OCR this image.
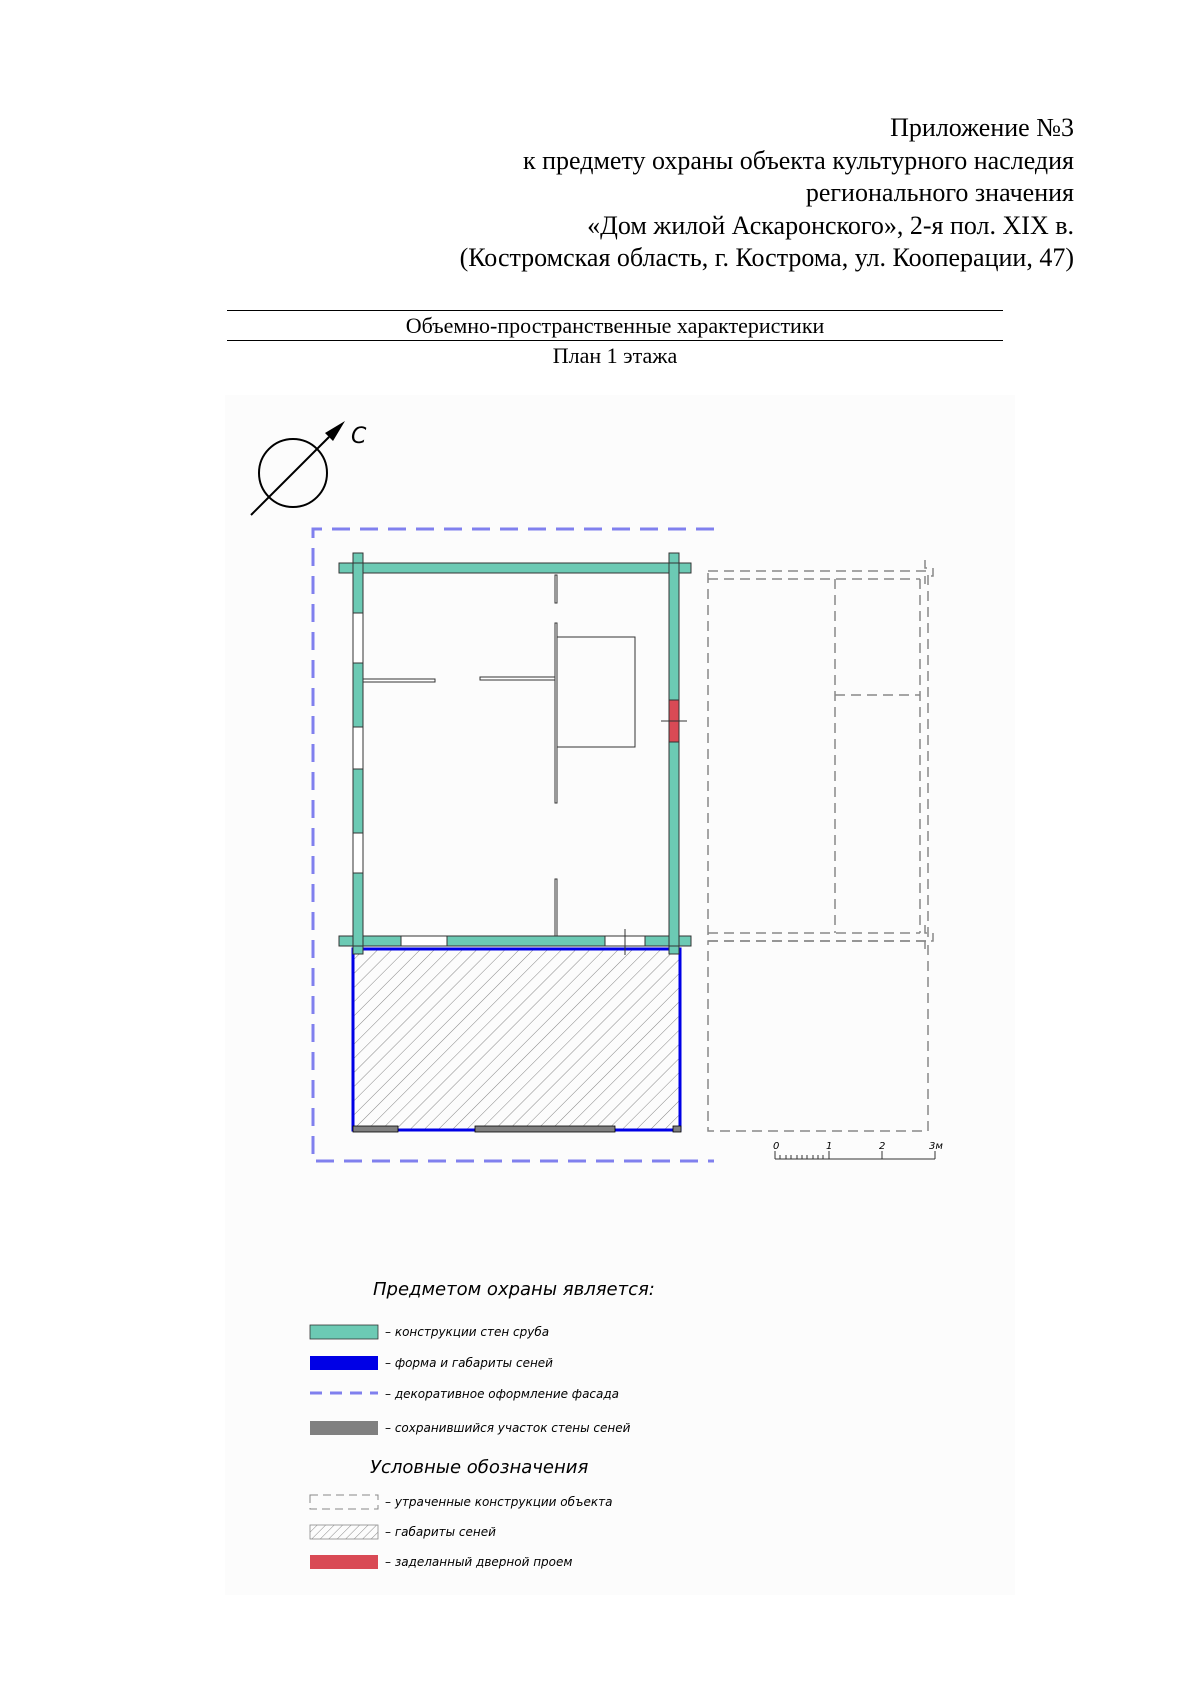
Приложение №3
к предмету охраны объекта культурного наследия
регионального значения
«Дом жилой Аскаронского», 2-я пол. XIX в.
(Костромская область, г. Кострома, ул. Кооперации, 47)
Объемно-пространственные характеристики
План 1 этажа
С
0	1	2	3м
Предметом охраны является:
– конструкции стен сруба
– форма и габариты сеней
– декоративное оформление фасада
– сохранившийся участок стены сеней
Условные обозначения
– утраченные конструкции объекта
– габариты сеней
– заделанный дверной проем
